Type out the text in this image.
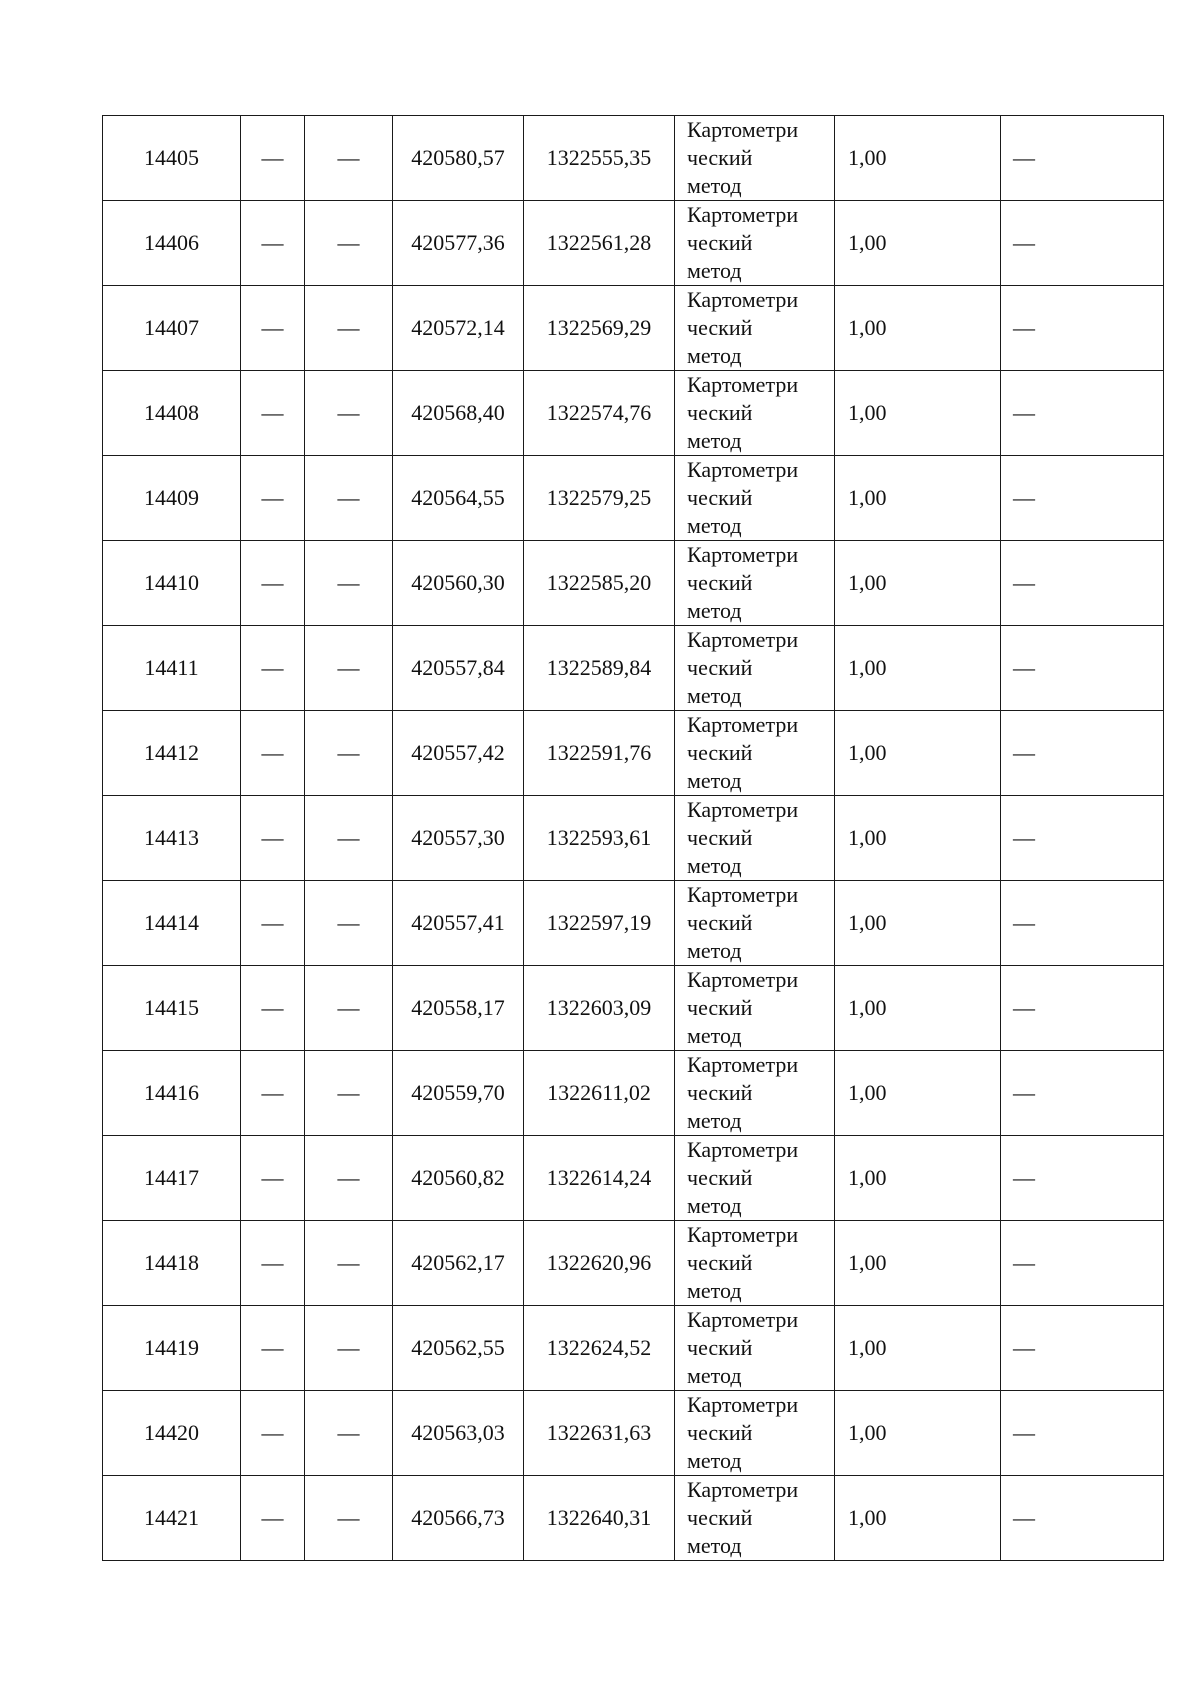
14405	—	—	420580,57	1322555,35	Картометри
ческий
метод	1,00	—
14406	—	—	420577,36	1322561,28	Картометри
ческий
метод	1,00	—
14407	—	—	420572,14	1322569,29	Картометри
ческий
метод	1,00	—
14408	—	—	420568,40	1322574,76	Картометри
ческий
метод	1,00	—
14409	—	—	420564,55	1322579,25	Картометри
ческий
метод	1,00	—
14410	—	—	420560,30	1322585,20	Картометри
ческий
метод	1,00	—
14411	—	—	420557,84	1322589,84	Картометри
ческий
метод	1,00	—
14412	—	—	420557,42	1322591,76	Картометри
ческий
метод	1,00	—
14413	—	—	420557,30	1322593,61	Картометри
ческий
метод	1,00	—
14414	—	—	420557,41	1322597,19	Картометри
ческий
метод	1,00	—
14415	—	—	420558,17	1322603,09	Картометри
ческий
метод	1,00	—
14416	—	—	420559,70	1322611,02	Картометри
ческий
метод	1,00	—
14417	—	—	420560,82	1322614,24	Картометри
ческий
метод	1,00	—
14418	—	—	420562,17	1322620,96	Картометри
ческий
метод	1,00	—
14419	—	—	420562,55	1322624,52	Картометри
ческий
метод	1,00	—
14420	—	—	420563,03	1322631,63	Картометри
ческий
метод	1,00	—
14421	—	—	420566,73	1322640,31	Картометри
ческий
метод	1,00	—
